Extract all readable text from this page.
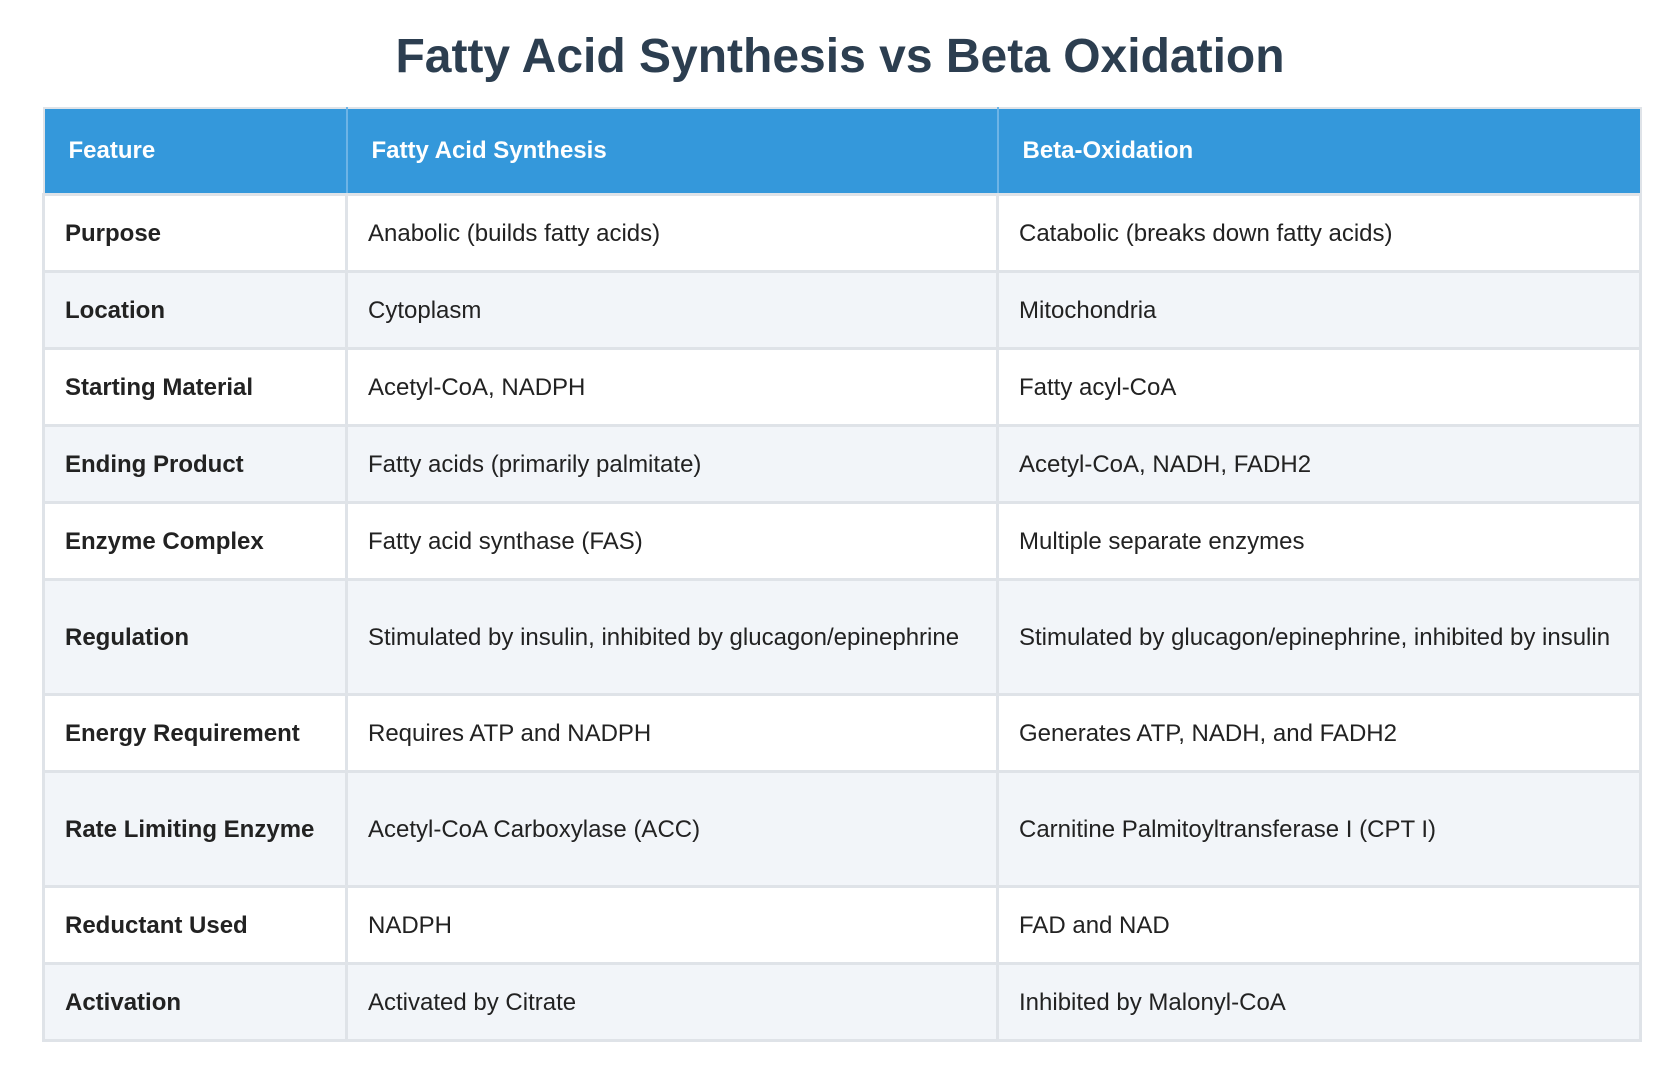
Fatty Acid Synthesis vs Beta Oxidation
Feature	Fatty Acid Synthesis	Beta-Oxidation
Purpose	Anabolic (builds fatty acids)	Catabolic (breaks down fatty acids)
Location	Cytoplasm	Mitochondria
Starting Material	Acetyl-CoA, NADPH	Fatty acyl-CoA
Ending Product	Fatty acids (primarily palmitate)	Acetyl-CoA, NADH, FADH2
Enzyme Complex	Fatty acid synthase (FAS)	Multiple separate enzymes
Regulation	Stimulated by insulin, inhibited by glucagon/epinephrine	Stimulated by glucagon/epinephrine, inhibited by insulin
Energy Requirement	Requires ATP and NADPH	Generates ATP, NADH, and FADH2
Rate Limiting Enzyme	Acetyl-CoA Carboxylase (ACC)	Carnitine Palmitoyltransferase I (CPT I)
Reductant Used	NADPH	FAD and NAD
Activation	Activated by Citrate	Inhibited by Malonyl-CoA
